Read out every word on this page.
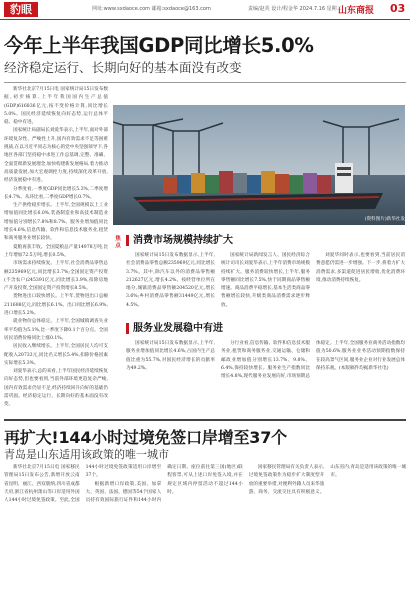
豹眼	网址:www.sxdaoce.com 邮箱:sxdaoce@163.com	责编/赵英 设计/程金华 2024.7.16 星期二
山东商报 03
今年上半年我国GDP同比增长5.0%
经济稳定运行、长期向好的基本面没有改变

新华社北京7月15日电 国家统计局15日发布数据,初步核算,上半年我国国内生产总值(GDP)616836亿元,按不变价格计算,同比增长5.0%。国民经济延续恢复向好态势,运行总体平稳、稳中有进。

国家统计局副局长刘爱华表示,上半年,面对外部环境复杂性、严峻性上升,国内有效需求不足等困难挑战,在以习近平同志为核心的党中央坚强领导下,各地区各部门坚持稳中求进工作总基调,完整、准确、全面贯彻新发展理念,加快构建新发展格局,着力推动高质量发展,加大宏观调控力度,持续深化改革开放,经济发展稳中有进。

分季度看,一季度GDP同比增长5.3%,二季度增长4.7%。从环比看,二季度GDP增长0.7%。

生产供给稳步增长。上半年,全国规模以上工业增加值同比增长6.0%,装备制造业和高技术制造业增加值分别增长7.8%和8.7%。服务业增加值同比增长4.6%,信息传输、软件和信息技术服务业,租赁和商务服务业增长较快。

夏粮再获丰收。全国夏粮总产量14978万吨,比上年增加72.5万吨,增长0.5%。

市场需求持续恢复。上半年,社会消费品零售总额235969亿元,同比增长3.7%;全国固定资产投资(不含农户)245391亿元,同比增长3.9%,扣除房地产开发投资,全国固定资产投资增长8.5%。

货物进出口较快增长。上半年,货物进出口总额211688亿元,同比增长6.1%。出口同比增长6.9%,进口增长5.2%。

就业物价总体稳定。上半年,全国城镇调查失业率平均值为5.1%,比一季度下降0.1个百分点。全国居民消费价格同比上涨0.1%。

居民收入继续增长。上半年,全国居民人均可支配收入20733元,同比名义增长5.4%,扣除价格因素实际增长5.3%。

刘爱华表示,总的来看,上半年国民经济延续恢复向好态势,但也要看到,当前外部环境更趋复杂严峻,国内有效需求仍显不足,经济持续回升向好的基础仍需巩固。经济稳定运行、长期向好的基本面没有改变。

(资料图片)新华社发
焦点	消费市场规模持续扩大

国家统计局15日发布数据显示,上半年,社会消费品零售总额235969亿元,同比增长3.7%。其中,除汽车以外的消费品零售额212627亿元,增长4.2%。按经营单位所在地分,城镇消费品零售额204520亿元,增长3.6%;乡村消费品零售额31449亿元,增长4.5%。

国家统计局新闻发言人、国民经济综合统计司司长刘爱华表示,上半年消费市场规模持续扩大。服务消费较快增长,上半年,服务零售额同比增长7.5%,快于同期商品零售额增速。商品消费平稳增长,基本生活类商品零售额增长较快,升级类商品消费需求逐步释放。

刘爱华同时表示,也要看到,当前居民消费意愿仍需进一步增强。下一步,将着力扩大消费需求,多渠道促进居民增收,优化消费环境,推动消费持续恢复。

服务业发展稳中有进

国家统计局15日发布数据显示,上半年,服务业增加值同比增长4.6%,占国内生产总值比重为55.7%,对国民经济增长的贡献率为49.2%。

分行业看,信息传输、软件和信息技术服务业,租赁和商务服务业,交通运输、仓储和邮政业增加值分别增长13.7%、9.8%、6.4%,保持较快增长。服务业生产指数同比增长4.8%,现代服务业发展向好,市场预期总体稳定。上半年,全国服务业商务活动指数均值为50.6%,服务业业务活动预期指数保持在较高景气区间,服务业企业对行业发展总体保持乐观。(本版稿件均据新华社电)

再扩大!144小时过境免签口岸增至37个
青岛是山东适用该政策的唯一城市

新华社北京7月15日电 国家移民管理局15日发布公告,新增开放云南省昆明、丽江、西双版纳,四川省成都天府,浙江省杭州萧山等口岸适用外国人144小时过境免签政策。至此,全国144小时过境免签政策适用口岸增至37个。

根据新增口岸政策,美国、加拿大、英国、法国、德国等54个国家人员持有效国际旅行证件和144小时内确定日期、座位前往第三国(地区)联程客票,可从上述口岸免签入境,并在规定区域内停留活动不超过144小时。

国家移民管理局有关负责人表示,过境免签政策作为稳步扩大制度型开放的重要举措,对便利外籍人员来华旅游、商务、交流交往具有积极意义。山东省内,青岛是适用该政策的唯一城市。
